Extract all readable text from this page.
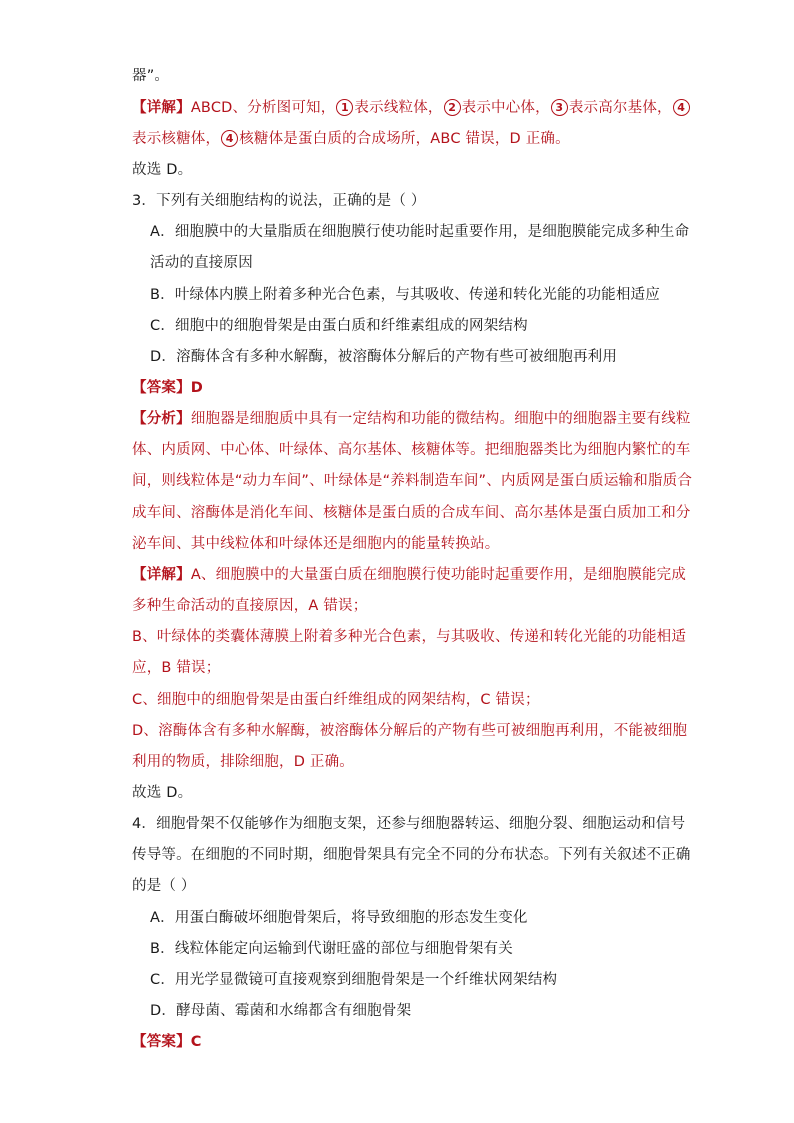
器”。
【详解】ABCD、分析图可知， 1 表示线粒体， 2 表示中心体， 3 表示高尔基体， 4
表示核糖体， 4 核糖体是蛋白质的合成场所，ABC 错误，D 正确。
故选 D。
3．下列有关细胞结构的说法，正确的是（ ）
A．细胞膜中的大量脂质在细胞膜行使功能时起重要作用，是细胞膜能完成多种生命
活动的直接原因
B．叶绿体内膜上附着多种光合色素，与其吸收、传递和转化光能的功能相适应
C．细胞中的细胞骨架是由蛋白质和纤维素组成的网架结构
D．溶酶体含有多种水解酶，被溶酶体分解后的产物有些可被细胞再利用
【答案】D
【分析】细胞器是细胞质中具有一定结构和功能的微结构。细胞中的细胞器主要有线粒
体、内质网、中心体、叶绿体、高尔基体、核糖体等。把细胞器类比为细胞内繁忙的车
间，则线粒体是“动力车间”、叶绿体是“养料制造车间”、内质网是蛋白质运输和脂质合
成车间、溶酶体是消化车间、核糖体是蛋白质的合成车间、高尔基体是蛋白质加工和分
泌车间、其中线粒体和叶绿体还是细胞内的能量转换站。
【详解】A、细胞膜中的大量蛋白质在细胞膜行使功能时起重要作用，是细胞膜能完成
多种生命活动的直接原因，A 错误；
B、叶绿体的类囊体薄膜上附着多种光合色素，与其吸收、传递和转化光能的功能相适
应，B 错误；
C、细胞中的细胞骨架是由蛋白纤维组成的网架结构，C 错误；
D、溶酶体含有多种水解酶，被溶酶体分解后的产物有些可被细胞再利用，不能被细胞
利用的物质，排除细胞，D 正确。
故选 D。
4．细胞骨架不仅能够作为细胞支架，还参与细胞器转运、细胞分裂、细胞运动和信号
传导等。在细胞的不同时期，细胞骨架具有完全不同的分布状态。下列有关叙述不正确
的是（ ）
A．用蛋白酶破坏细胞骨架后，将导致细胞的形态发生变化
B．线粒体能定向运输到代谢旺盛的部位与细胞骨架有关
C．用光学显微镜可直接观察到细胞骨架是一个纤维状网架结构
D．酵母菌、霉菌和水绵都含有细胞骨架
【答案】C
